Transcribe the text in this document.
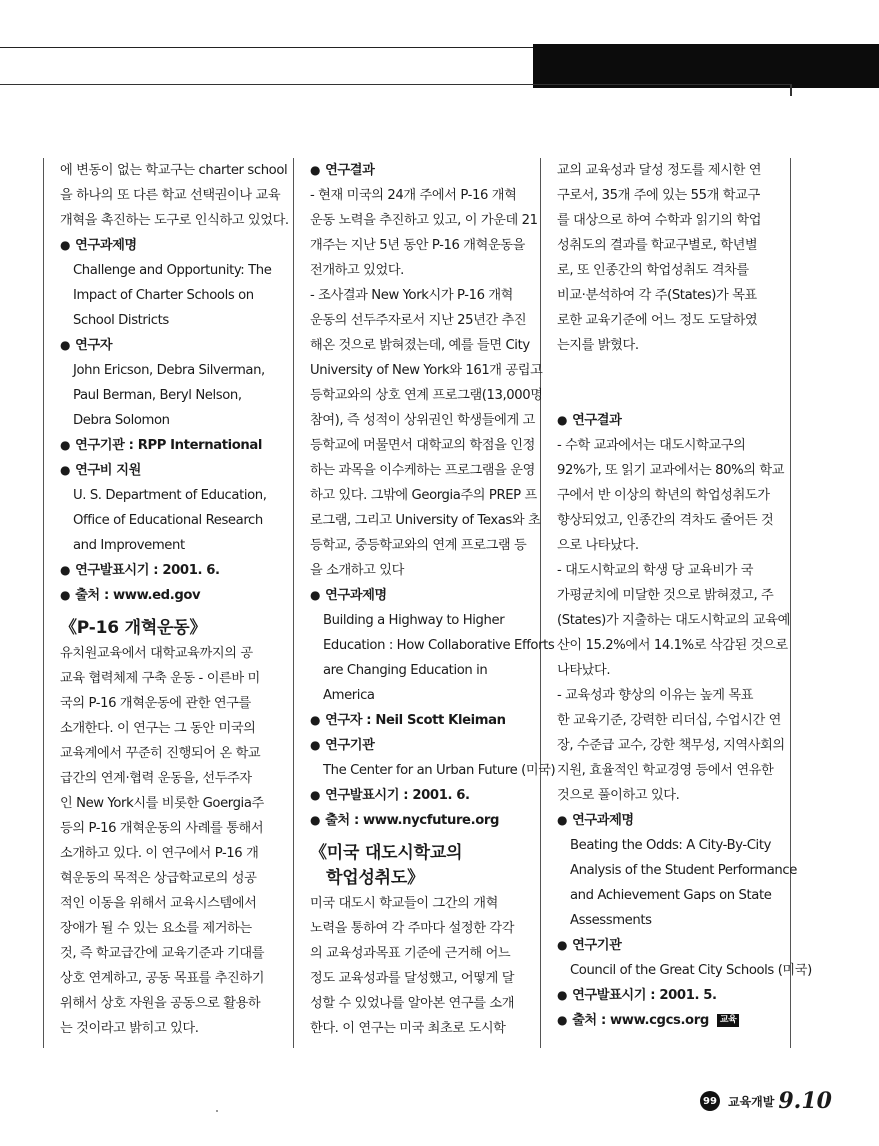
에 변동이 없는 학교구는 charter school
을 하나의 또 다른 학교 선택권이나 교육
개혁을 촉진하는 도구로 인식하고 있었다.
● 연구과제명
Challenge and Opportunity: The
Impact of Charter Schools on
School Districts
● 연구자
John Ericson, Debra Silverman,
Paul Berman, Beryl Nelson,
Debra Solomon
● 연구기관 : RPP International
● 연구비 지원
U. S. Department of Education,
Office of Educational Research
and Improvement
● 연구발표시기 : 2001. 6.
● 출처 : www.ed.gov
《P-16 개혁운동》
유치원교육에서 대학교육까지의 공
교육 협력체제 구축 운동 - 이른바 미
국의 P-16 개혁운동에 관한 연구를
소개한다. 이 연구는 그 동안 미국의
교육계에서 꾸준히 진행되어 온 학교
급간의 연계·협력 운동을, 선두주자
인 New York시를 비롯한 Goergia주
등의 P-16 개혁운동의 사례를 통해서
소개하고 있다. 이 연구에서 P-16 개
혁운동의 목적은 상급학교로의 성공
적인 이동을 위해서 교육시스템에서
장애가 될 수 있는 요소를 제거하는
것, 즉 학교급간에 교육기준과 기대를
상호 연계하고, 공동 목표를 추진하기
위해서 상호 자원을 공동으로 활용하
는 것이라고 밝히고 있다.
● 연구결과
- 현재 미국의 24개 주에서 P-16 개혁
운동 노력을 추진하고 있고, 이 가운데 21
개주는 지난 5년 동안 P-16 개혁운동을
전개하고 있었다.
- 조사결과 New York시가 P-16 개혁
운동의 선두주자로서 지난 25년간 추진
해온 것으로 밝혀졌는데, 예를 들면 City
University of New York와 161개 공립고
등학교와의 상호 연계 프로그램(13,000명
참여), 즉 성적이 상위권인 학생들에게 고
등학교에 머물면서 대학교의 학점을 인정
하는 과목을 이수케하는 프로그램을 운영
하고 있다. 그밖에 Georgia주의 PREP 프
로그램, 그리고 University of Texas와 초
등학교, 중등학교와의 연계 프로그램 등
을 소개하고 있다
● 연구과제명
Building a Highway to Higher
Education : How Collaborative Efforts
are Changing Education in
America
● 연구자 : Neil Scott Kleiman
● 연구기관
The Center for an Urban Future (미국)
● 연구발표시기 : 2001. 6.
● 출처 : www.nycfuture.org
《미국 대도시학교의
학업성취도》
미국 대도시 학교들이 그간의 개혁
노력을 통하여 각 주마다 설정한 각각
의 교육성과목표 기준에 근거해 어느
정도 교육성과를 달성했고, 어떻게 달
성할 수 있었나를 알아본 연구를 소개
한다. 이 연구는 미국 최초로 도시학
교의 교육성과 달성 정도를 제시한 연
구로서, 35개 주에 있는 55개 학교구
를 대상으로 하여 수학과 읽기의 학업
성취도의 결과를 학교구별로, 학년별
로, 또 인종간의 학업성취도 격차를
비교·분석하여 각 주(States)가 목표
로한 교육기준에 어느 정도 도달하였
는지를 밝혔다.
● 연구결과
- 수학 교과에서는 대도시학교구의
92%가, 또 읽기 교과에서는 80%의 학교
구에서 반 이상의 학년의 학업성취도가
향상되었고, 인종간의 격차도 줄어든 것
으로 나타났다.
- 대도시학교의 학생 당 교육비가 국
가평균치에 미달한 것으로 밝혀졌고, 주
(States)가 지출하는 대도시학교의 교육예
산이 15.2%에서 14.1%로 삭감된 것으로
나타났다.
- 교육성과 향상의 이유는 높게 목표
한 교육기준, 강력한 리더십, 수업시간 연
장, 수준급 교수, 강한 책무성, 지역사회의
지원, 효율적인 학교경영 등에서 연유한
것으로 풀이하고 있다.
● 연구과제명
Beating the Odds: A City-By-City
Analysis of the Student Performance
and Achievement Gaps on State
Assessments
● 연구기관
Council of the Great City Schools (미국)
● 연구발표시기 : 2001. 5.
● 출처 : www.cgcs.org 교육
99 교육개발 9.10
